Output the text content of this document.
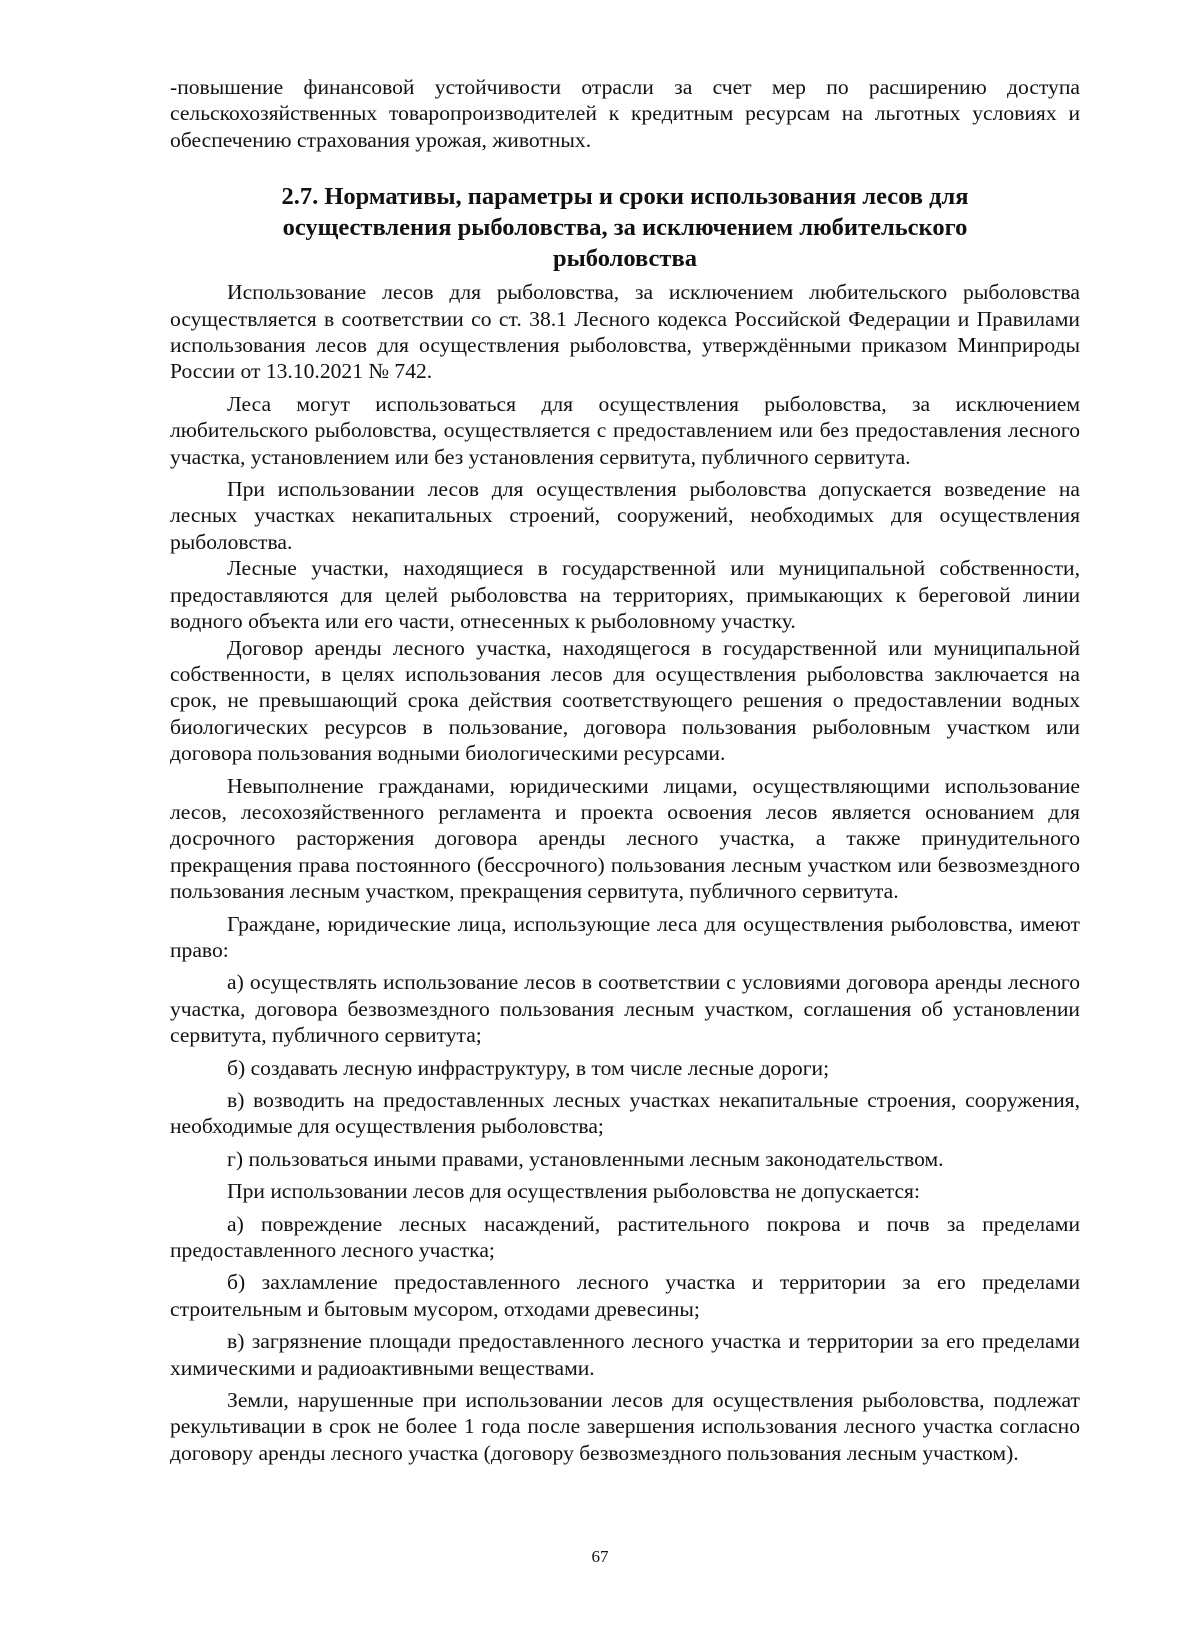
-повышение финансовой устойчивости отрасли за счет мер по расширению доступа сельскохозяйственных товаропроизводителей к кредитным ресурсам на льготных условиях и обеспечению страхования урожая, животных.

2.7. Нормативы, параметры и сроки использования лесов для
осуществления рыболовства, за исключением любительского
рыболовства

Использование лесов для рыболовства, за исключением любительского рыболовства осуществляется в соответствии со ст. 38.1 Лесного кодекса Российской Федерации и Правилами использования лесов для осуществления рыболовства, утверждёнными приказом Минприроды России от 13.10.2021 № 742.

Леса могут использоваться для осуществления рыболовства, за исключением любительского рыболовства, осуществляется с предоставлением или без предоставления лесного участка, установлением или без установления сервитута, публичного сервитута.

При использовании лесов для осуществления рыболовства допускается возведение на лесных участках некапитальных строений, сооружений, необходимых для осуществления рыболовства.

Лесные участки, находящиеся в государственной или муниципальной собственности, предоставляются для целей рыболовства на территориях, примыкающих к береговой линии водного объекта или его части, отнесенных к рыболовному участку.

Договор аренды лесного участка, находящегося в государственной или муниципальной собственности, в целях использования лесов для осуществления рыболовства заключается на срок, не превышающий срока действия соответствующего решения о предоставлении водных биологических ресурсов в пользование, договора пользования рыболовным участком или договора пользования водными биологическими ресурсами.

Невыполнение гражданами, юридическими лицами, осуществляющими использование лесов, лесохозяйственного регламента и проекта освоения лесов является основанием для досрочного расторжения договора аренды лесного участка, а также принудительного прекращения права постоянного (бессрочного) пользования лесным участком или безвозмездного пользования лесным участком, прекращения сервитута, публичного сервитута.

Граждане, юридические лица, использующие леса для осуществления рыболовства, имеют право:

а) осуществлять использование лесов в соответствии с условиями договора аренды лесного участка, договора безвозмездного пользования лесным участком, соглашения об установлении сервитута, публичного сервитута;

б) создавать лесную инфраструктуру, в том числе лесные дороги;

в) возводить на предоставленных лесных участках некапитальные строения, сооружения, необходимые для осуществления рыболовства;

г) пользоваться иными правами, установленными лесным законодательством.

При использовании лесов для осуществления рыболовства не допускается:

а) повреждение лесных насаждений, растительного покрова и почв за пределами предоставленного лесного участка;

б) захламление предоставленного лесного участка и территории за его пределами строительным и бытовым мусором, отходами древесины;

в) загрязнение площади предоставленного лесного участка и территории за его пределами химическими и радиоактивными веществами.

Земли, нарушенные при использовании лесов для осуществления рыболовства, подлежат рекультивации в срок не более 1 года после завершения использования лесного участка согласно договору аренды лесного участка (договору безвозмездного пользования лесным участком).

67
